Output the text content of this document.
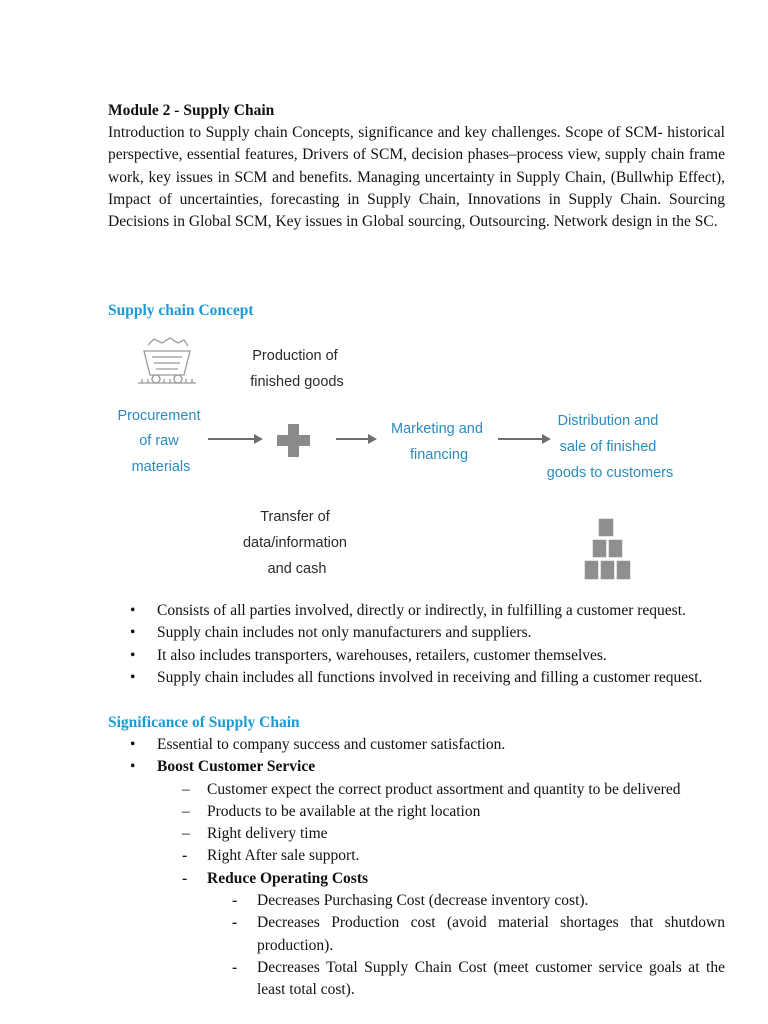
Module 2 - Supply Chain

Introduction to Supply chain Concepts, significance and key challenges. Scope of SCM- historical perspective, essential features, Drivers of SCM, decision phases–process view, supply chain frame work, key issues in SCM and benefits. Managing uncertainty in Supply Chain, (Bullwhip Effect), Impact of uncertainties, forecasting in Supply Chain, Innovations in Supply Chain. Sourcing Decisions in Global SCM, Key issues in Global sourcing, Outsourcing. Network design in the SC.

Supply chain Concept

Production of finished goods
Procurement of raw materials
Marketing and financing
Distribution and sale of finished goods to customers
Transfer of data/information and cash
• Consists of all parties involved, directly or indirectly, in fulfilling a customer request.
• Supply chain includes not only manufacturers and suppliers.
• It also includes transporters, warehouses, retailers, customer themselves.
• Supply chain includes all functions involved in receiving and filling a customer request.

Significance of Supply Chain

• Essential to company success and customer satisfaction.
• Boost Customer Service
– Customer expect the correct product assortment and quantity to be delivered
– Products to be available at the right location
– Right delivery time
- Right After sale support.
- Reduce Operating Costs
- Decreases Purchasing Cost (decrease inventory cost).
- Decreases Production cost (avoid material shortages that shutdown production).
- Decreases Total Supply Chain Cost (meet customer service goals at the least total cost).
